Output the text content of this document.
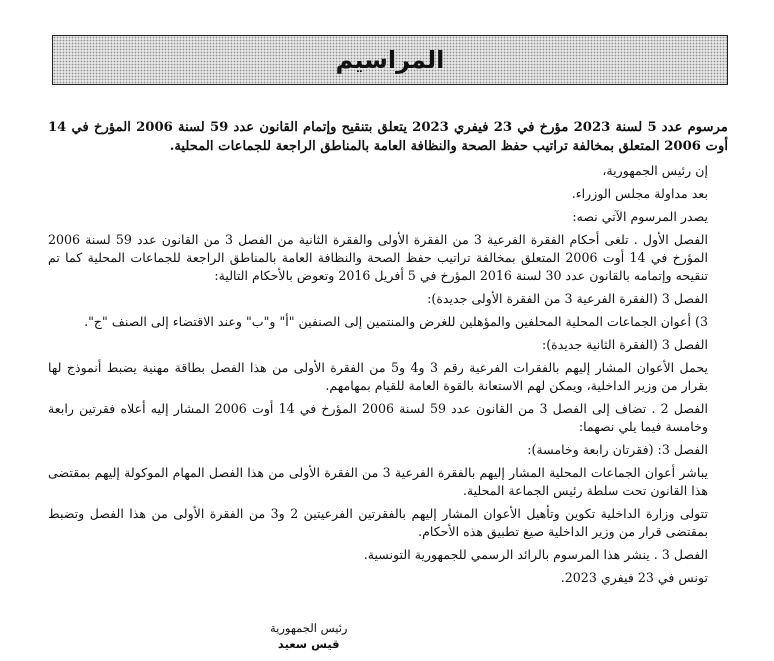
المراسيم

مرسوم عدد 5 لسنة 2023 مؤرخ في 23 فيفري 2023 يتعلق بتنقيح وإتمام القانون عدد 59 لسنة 2006 المؤرخ في 14 أوت 2006 المتعلق بمخالفة تراتيب حفظ الصحة والنظافة العامة بالمناطق الراجعة للجماعات المحلية.

إن رئيس الجمهورية،

بعد مداولة مجلس الوزراء.

يصدر المرسوم الآتي نصه:

الفصل الأول . تلغى أحكام الفقرة الفرعية 3 من الفقرة الأولى والفقرة الثانية من الفصل 3 من القانون عدد 59 لسنة 2006 المؤرخ في 14 أوت 2006 المتعلق بمخالفة تراتيب حفظ الصحة والنظافة العامة بالمناطق الراجعة للجماعات المحلية كما تم تنقيحه وإتمامه بالقانون عدد 30 لسنة 2016 المؤرخ في 5 أفريل 2016 وتعوض بالأحكام التالية:

الفصل 3 (الفقرة الفرعية 3 من الفقرة الأولى جديدة):

3) أعوان الجماعات المحلية المحلفين والمؤهلين للغرض والمنتمين إلى الصنفين "أ" و"ب" وعند الاقتضاء إلى الصنف "ج".

الفصل 3 (الفقرة الثانية جديدة):

يحمل الأعوان المشار إليهم بالفقرات الفرعية رقم 3 و4 و5 من الفقرة الأولى من هذا الفصل بطاقة مهنية يضبط أنموذج لها بقرار من وزير الداخلية، ويمكن لهم الاستعانة بالقوة العامة للقيام بمهامهم.

الفصل 2 . تضاف إلى الفصل 3 من القانون عدد 59 لسنة 2006 المؤرخ في 14 أوت 2006 المشار إليه أعلاه فقرتين رابعة وخامسة فيما يلي نصهما:

الفصل 3: (فقرتان رابعة وخامسة):

يباشر أعوان الجماعات المحلية المشار إليهم بالفقرة الفرعية 3 من الفقرة الأولى من هذا الفصل المهام الموكولة إليهم بمقتضى هذا القانون تحت سلطة رئيس الجماعة المحلية.

تتولى وزارة الداخلية تكوين وتأهيل الأعوان المشار إليهم بالفقرتين الفرعيتين 2 و3 من الفقرة الأولى من هذا الفصل وتضبط بمقتضى قرار من وزير الداخلية صيغ تطبيق هذه الأحكام.

الفصل 3 . ينشر هذا المرسوم بالرائد الرسمي للجمهورية التونسية.

تونس في 23 فيفري 2023.

رئيس الجمهورية
قيس سعيد
